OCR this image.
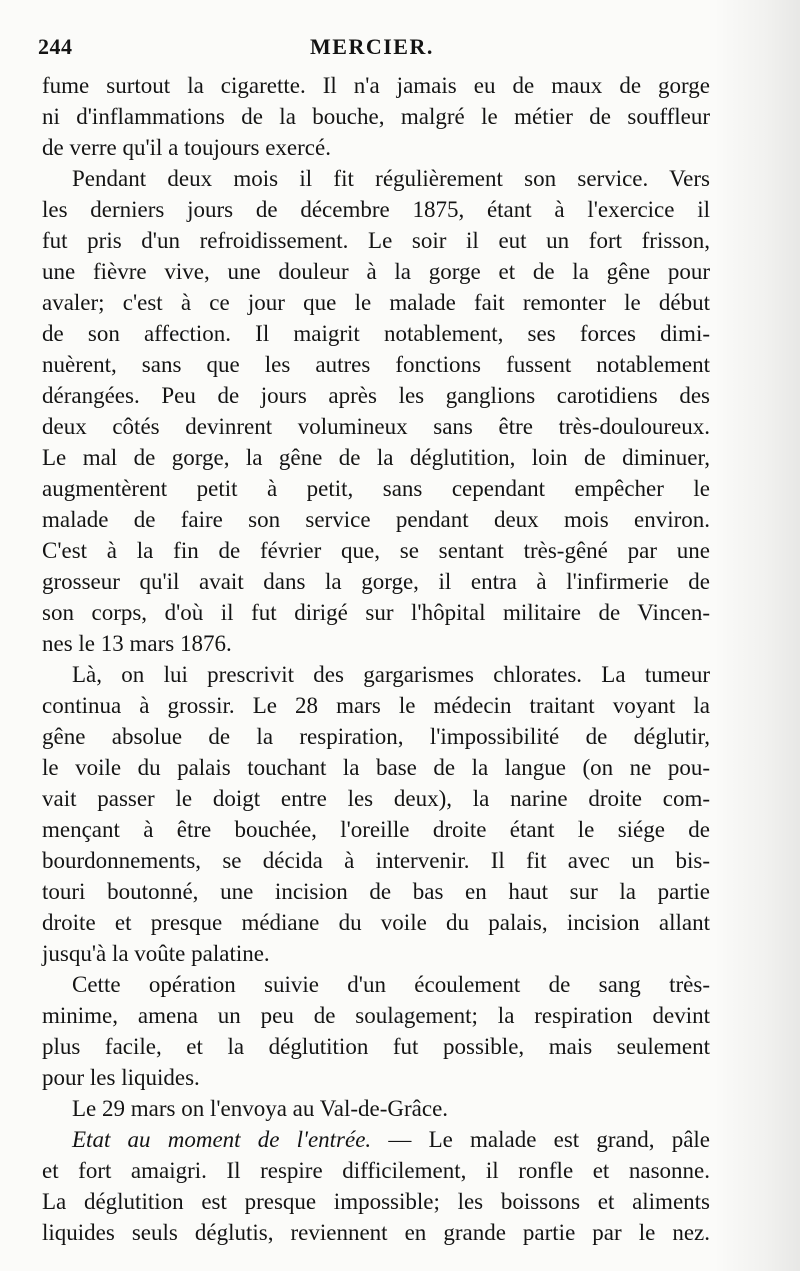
244	MERCIER.
fume surtout la cigarette. Il n'a jamais eu de maux de gorge
ni d'inflammations de la bouche, malgré le métier de souffleur
de verre qu'il a toujours exercé.
Pendant deux mois il fit régulièrement son service. Vers
les derniers jours de décembre 1875, étant à l'exercice il
fut pris d'un refroidissement. Le soir il eut un fort frisson,
une fièvre vive, une douleur à la gorge et de la gêne pour
avaler; c'est à ce jour que le malade fait remonter le début
de son affection. Il maigrit notablement, ses forces dimi-
nuèrent, sans que les autres fonctions fussent notablement
dérangées. Peu de jours après les ganglions carotidiens des
deux côtés devinrent volumineux sans être très-douloureux.
Le mal de gorge, la gêne de la déglutition, loin de diminuer,
augmentèrent petit à petit, sans cependant empêcher le
malade de faire son service pendant deux mois environ.
C'est à la fin de février que, se sentant très-gêné par une
grosseur qu'il avait dans la gorge, il entra à l'infirmerie de
son corps, d'où il fut dirigé sur l'hôpital militaire de Vincen-
nes le 13 mars 1876.
Là, on lui prescrivit des gargarismes chlorates. La tumeur
continua à grossir. Le 28 mars le médecin traitant voyant la
gêne absolue de la respiration, l'impossibilité de déglutir,
le voile du palais touchant la base de la langue (on ne pou-
vait passer le doigt entre les deux), la narine droite com-
mençant à être bouchée, l'oreille droite étant le siége de
bourdonnements, se décida à intervenir. Il fit avec un bis-
touri boutonné, une incision de bas en haut sur la partie
droite et presque médiane du voile du palais, incision allant
jusqu'à la voûte palatine.
Cette opération suivie d'un écoulement de sang très-
minime, amena un peu de soulagement; la respiration devint
plus facile, et la déglutition fut possible, mais seulement
pour les liquides.
Le 29 mars on l'envoya au Val-de-Grâce.
Etat au moment de l'entrée. — Le malade est grand, pâle
et fort amaigri. Il respire difficilement, il ronfle et nasonne.
La déglutition est presque impossible; les boissons et aliments
liquides seuls déglutis, reviennent en grande partie par le nez.
